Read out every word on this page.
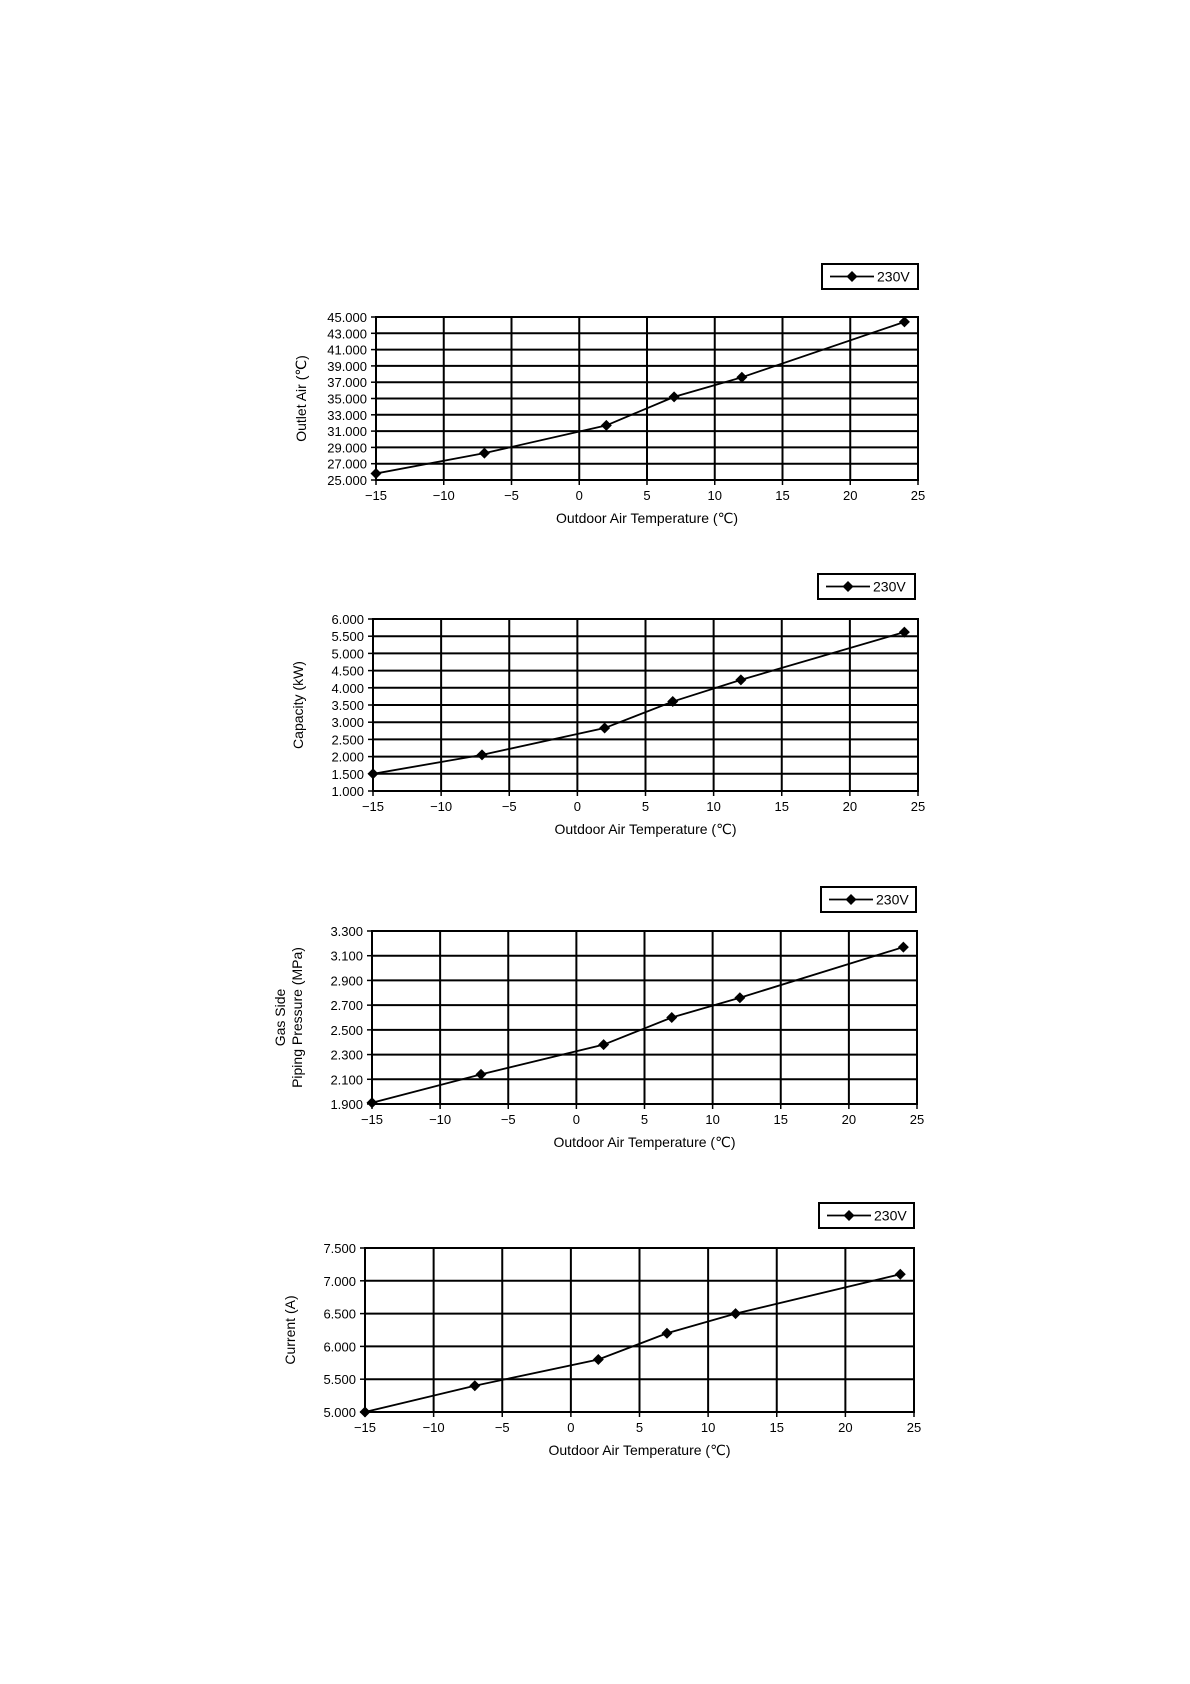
25.000
27.000
29.000
31.000
33.000
35.000
37.000
39.000
41.000
43.000
45.000
−15	−10	−5	0	5	10	15	20	25
Outdoor Air Temperature (℃)
Outlet Air (℃)
230V
1.000
1.500
2.000
2.500
3.000
3.500
4.000
4.500
5.000
5.500
6.000
−15	−10	−5	0	5	10	15	20	25
Outdoor Air Temperature (℃)
Capacity (kW)
230V
1.900
2.100
2.300
2.500
2.700
2.900
3.100
3.300
−15	−10	−5	0	5	10	15	20	25
Outdoor Air Temperature (℃)
Gas Side Piping Pressure (MPa)
230V
5.000
5.500
6.000
6.500
7.000
7.500
−15	−10	−5	0	5	10	15	20	25
Outdoor Air Temperature (℃)
Current (A)
230V
